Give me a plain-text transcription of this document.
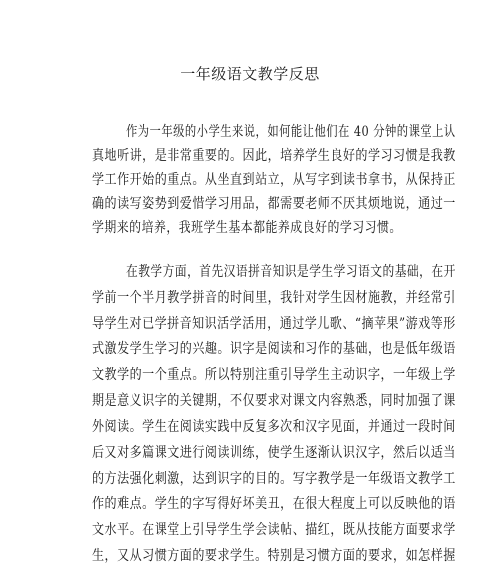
一年级语文教学反思
作为一年级的小学生来说，如何能让他们在 40 分钟的课堂上认
真地听讲，是非常重要的。因此，培养学生良好的学习习惯是我教
学工作开始的重点。从坐直到站立，从写字到读书拿书，从保持正
确的读写姿势到爱惜学习用品，都需要老师不厌其烦地说，通过一
学期来的培养，我班学生基本都能养成良好的学习习惯。
在教学方面，首先汉语拼音知识是学生学习语文的基础，在开
学前一个半月教学拼音的时间里，我针对学生因材施教，并经常引
导学生对已学拼音知识活学活用，通过学儿歌、“摘苹果”游戏等形
式激发学生学习的兴趣。识字是阅读和习作的基础，也是低年级语
文教学的一个重点。所以特别注重引导学生主动识字，一年级上学
期是意义识字的关键期，不仅要求对课文内容熟悉，同时加强了课
外阅读。学生在阅读实践中反复多次和汉字见面，并通过一段时间
后又对多篇课文进行阅读训练，使学生逐渐认识汉字，然后以适当
的方法强化刺激，达到识字的目的。写字教学是一年级语文教学工
作的难点。学生的字写得好坏美丑，在很大程度上可以反映他的语
文水平。在课堂上引导学生学会读帖、描红，既从技能方面要求学
生，又从习惯方面的要求学生。特别是习惯方面的要求，如怎样握
